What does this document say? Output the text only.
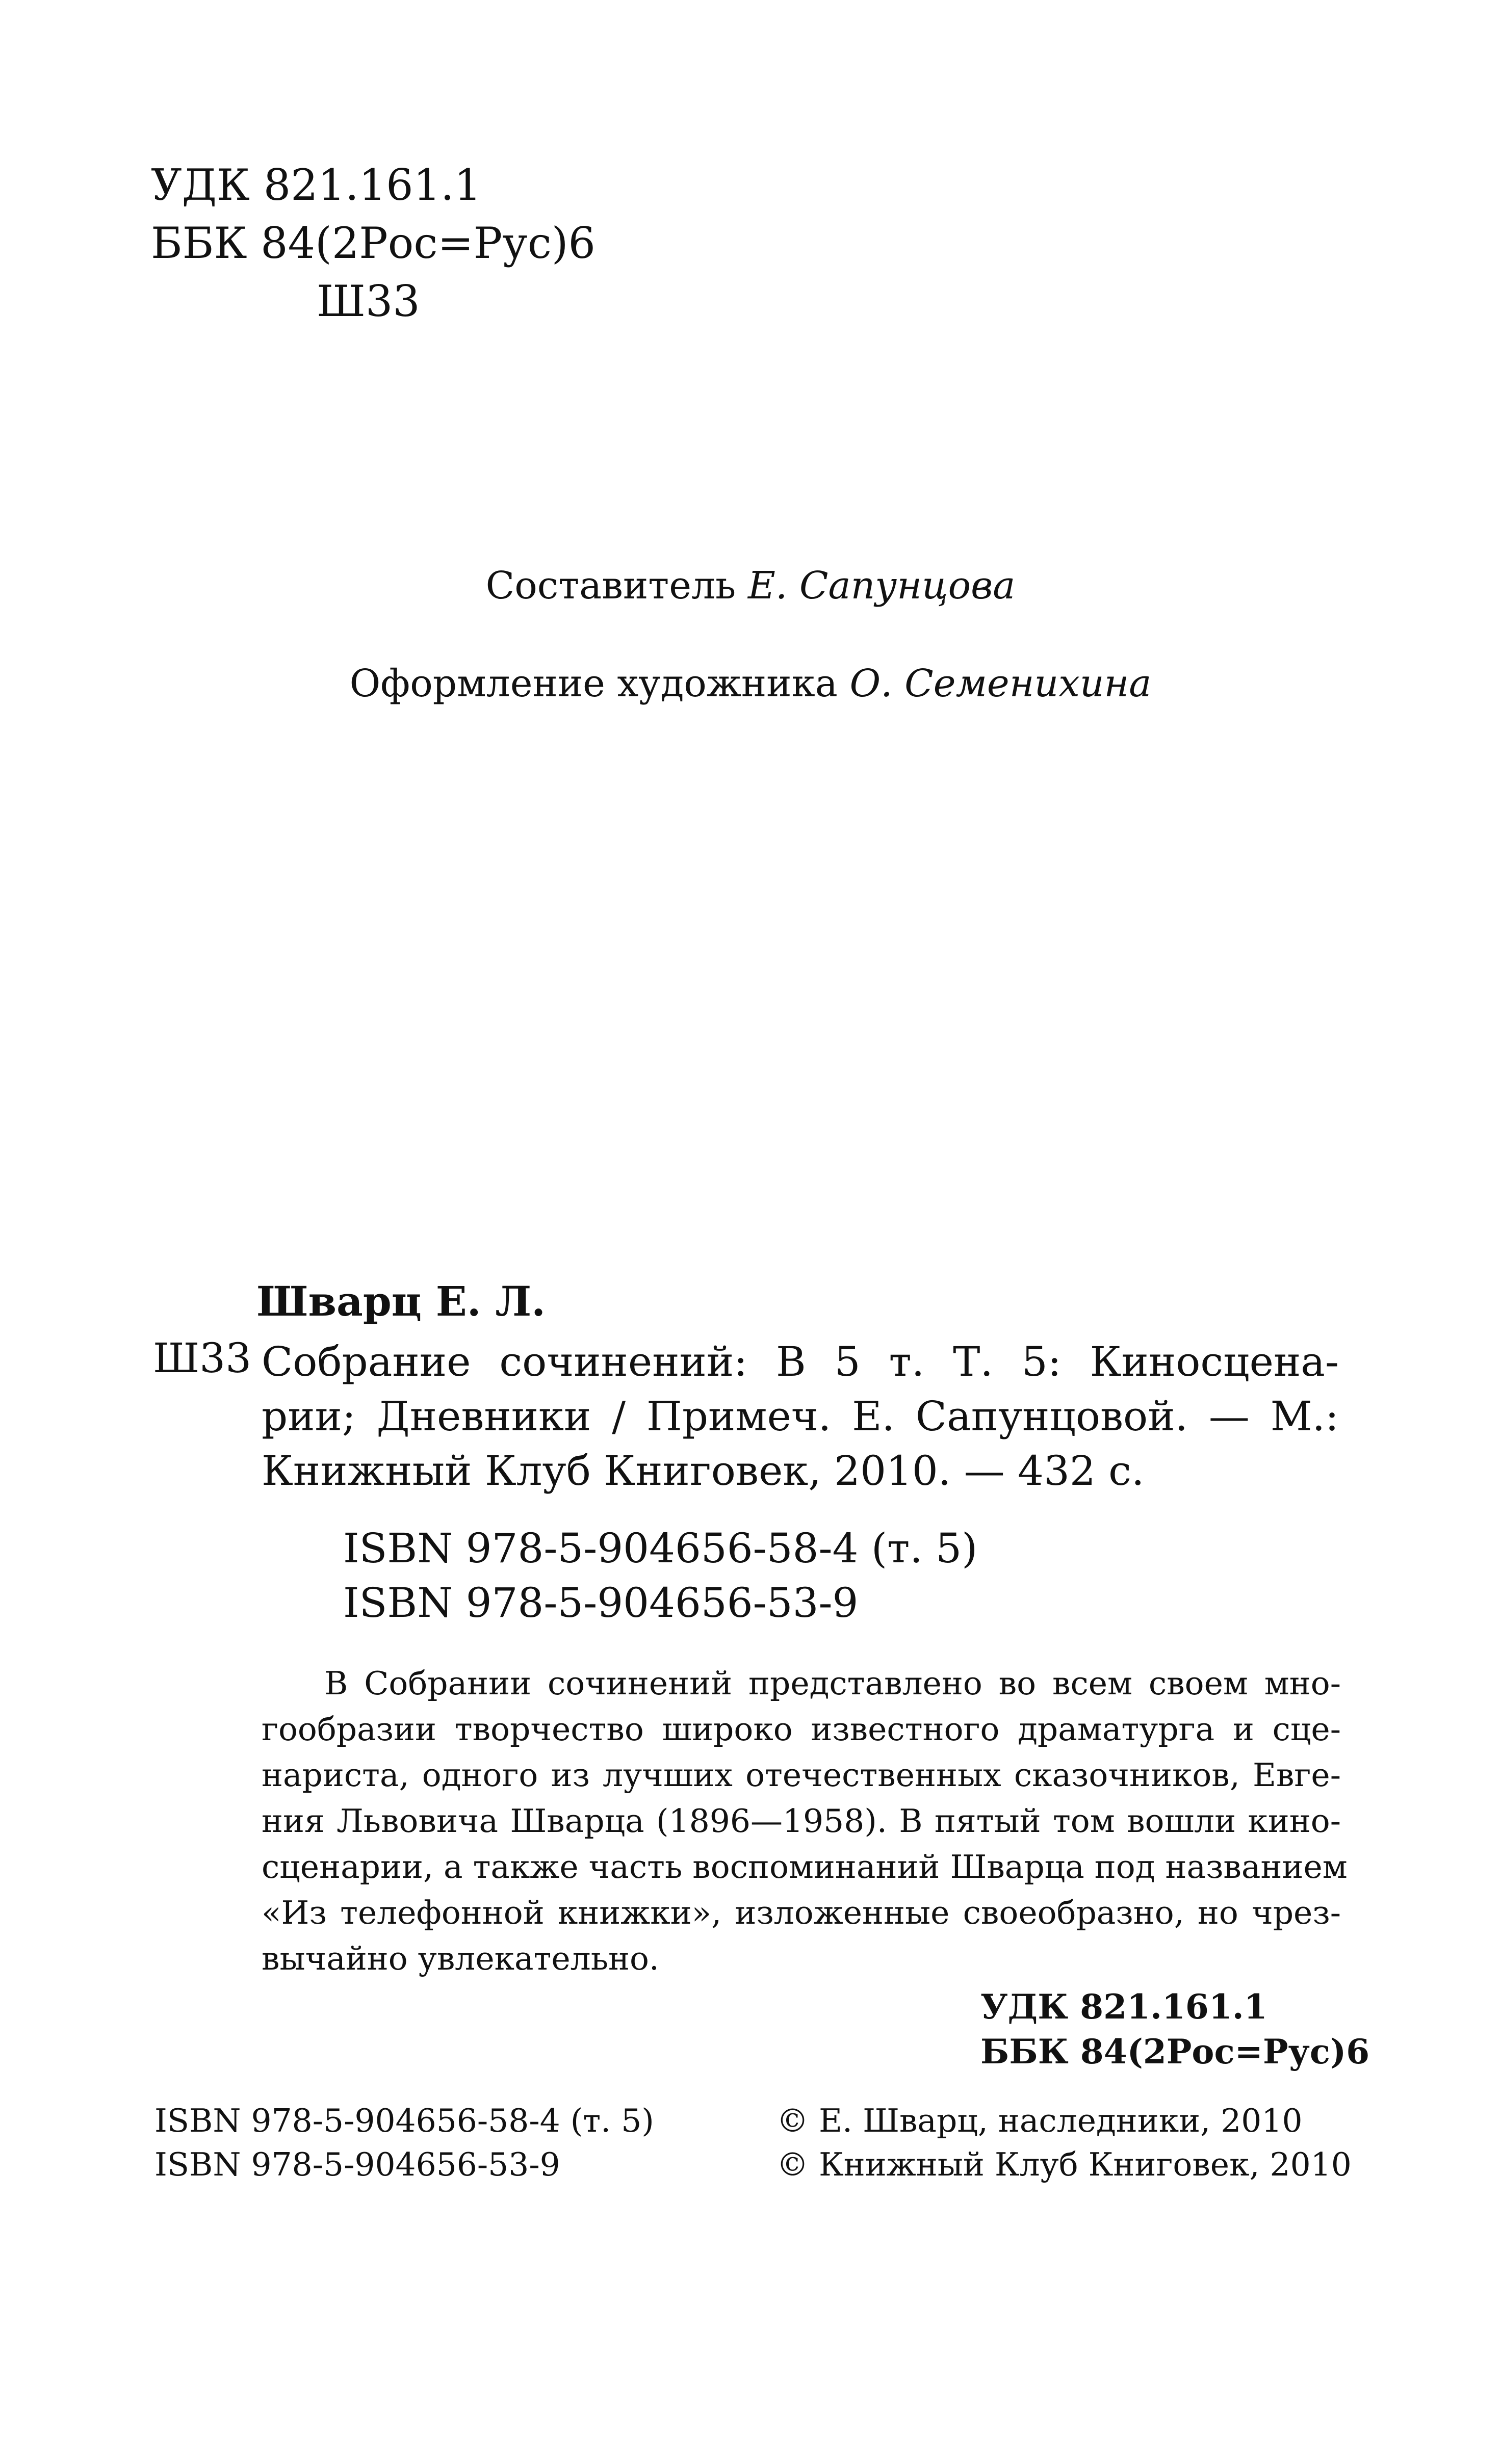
УДК 821.161.1
ББК 84(2Рос=Рус)6
Ш33
Составитель Е. Сапунцова
Оформление художника О. Семенихина
Шварц Е. Л.
Ш33 Собрание сочинений: В 5 т. Т. 5: Киносцена-
рии; Дневники / Примеч. Е. Сапунцовой. — М.:
Книжный Клуб Книговек, 2010. — 432 с.
ISBN 978-5-904656-58-4 (т. 5)
ISBN 978-5-904656-53-9
В Собрании сочинений представлено во всем своем мно-
гообразии творчество широко известного драматурга и сце-
нариста, одного из лучших отечественных сказочников, Евге-
ния Львовича Шварца (1896—1958). В пятый том вошли кино-
сценарии, а также часть воспоминаний Шварца под названием
«Из телефонной книжки», изложенные своеобразно, но чрез-
вычайно увлекательно.
УДК 821.161.1
ББК 84(2Рос=Рус)6
ISBN 978-5-904656-58-4 (т. 5)
ISBN 978-5-904656-53-9
© Е. Шварц, наследники, 2010
© Книжный Клуб Книговек, 2010
